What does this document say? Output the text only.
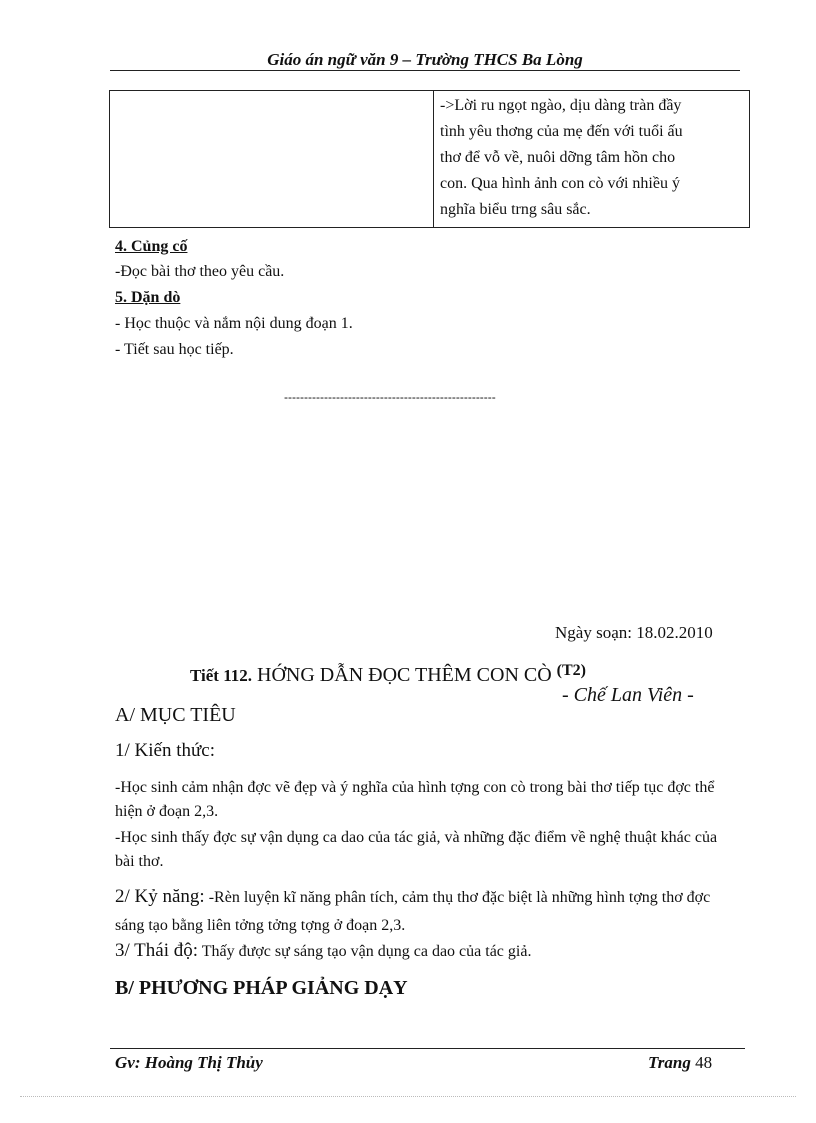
Giáo án ngữ văn 9 – Trường THCS Ba Lòng

->Lời ru ngọt ngào, dịu dàng tràn đầy
tình yêu thơng của mẹ đến với tuổi ấu
thơ để vỗ về, nuôi dỡng tâm hồn cho
con. Qua hình ảnh con cò với nhiều ý
nghĩa biểu trng sâu sắc.
4. Củng cố
-Đọc bài thơ theo yêu cầu.
5. Dặn dò
- Học thuộc và nắm nội dung đoạn 1.
- Tiết sau học tiếp.
-----------------------------------------------------
Ngày soạn: 18.02.2010
Tiết 112. HỚNG DẪN ĐỌC THÊM CON CÒ $^{(T2)}$
- Chế Lan Viên -
A/ MỤC TIÊU
1/ Kiến thức:
-Học sinh cảm nhận đợc vẽ đẹp và ý nghĩa của hình tợng con cò trong bài thơ tiếp tục đợc thể hiện ở đoạn 2,3.
-Học sinh thấy đợc sự vận dụng ca dao của tác giả, và những đặc điểm về nghệ thuật khác của bài thơ.
2/ Kỷ năng: -Rèn luyện kĩ năng phân tích, cảm thụ thơ đặc biệt là những hình tợng thơ đợc sáng tạo bằng liên tởng tởng tợng ở đoạn 2,3.
3/ Thái độ: Thấy được sự sáng tạo vận dụng ca dao của tác giả.
B/ PHƯƠNG PHÁP GIẢNG DẠY
Gv: Hoàng Thị Thủy	Trang 48
